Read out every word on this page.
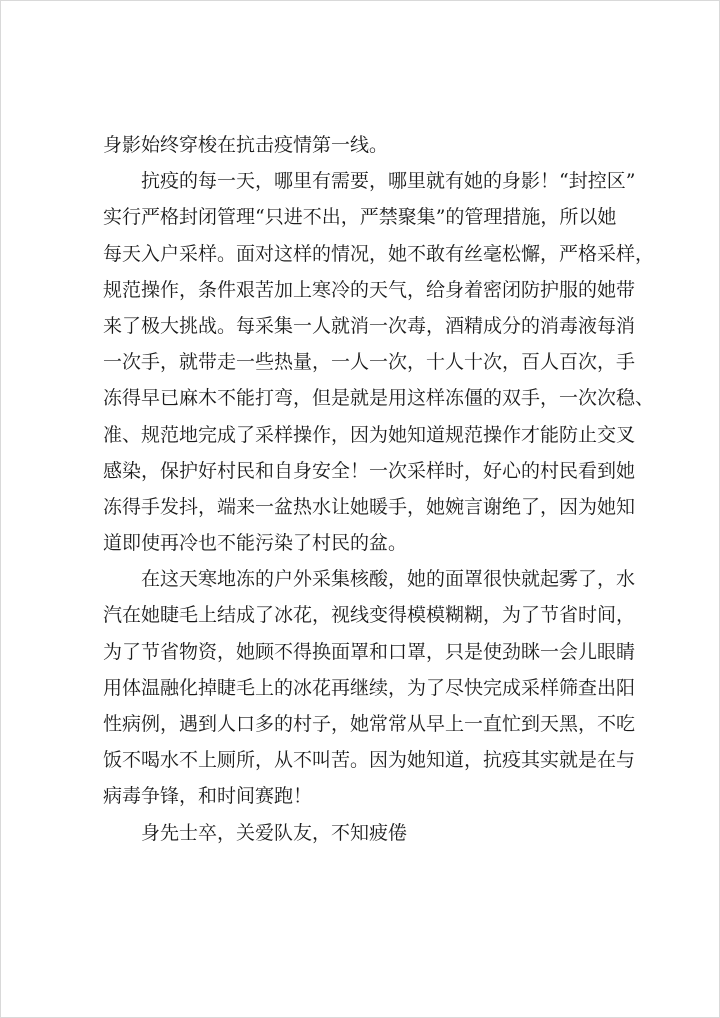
身影始终穿梭在抗击疫情第一线。
抗疫的每一天，哪里有需要，哪里就有她的身影！“封控区”
实行严格封闭管理“只进不出，严禁聚集”的管理措施，所以她
每天入户采样。面对这样的情况，她不敢有丝毫松懈，严格采样，
规范操作，条件艰苦加上寒冷的天气，给身着密闭防护服的她带
来了极大挑战。每采集一人就消一次毒，酒精成分的消毒液每消
一次手，就带走一些热量，一人一次，十人十次，百人百次，手
冻得早已麻木不能打弯，但是就是用这样冻僵的双手，一次次稳、
准、规范地完成了采样操作，因为她知道规范操作才能防止交叉
感染，保护好村民和自身安全！一次采样时，好心的村民看到她
冻得手发抖，端来一盆热水让她暖手，她婉言谢绝了，因为她知
道即使再冷也不能污染了村民的盆。
在这天寒地冻的户外采集核酸，她的面罩很快就起雾了，水
汽在她睫毛上结成了冰花，视线变得模模糊糊，为了节省时间，
为了节省物资，她顾不得换面罩和口罩，只是使劲眯一会儿眼睛
用体温融化掉睫毛上的冰花再继续，为了尽快完成采样筛查出阳
性病例，遇到人口多的村子，她常常从早上一直忙到天黑，不吃
饭不喝水不上厕所，从不叫苦。因为她知道，抗疫其实就是在与
病毒争锋，和时间赛跑！
身先士卒，关爱队友，不知疲倦
